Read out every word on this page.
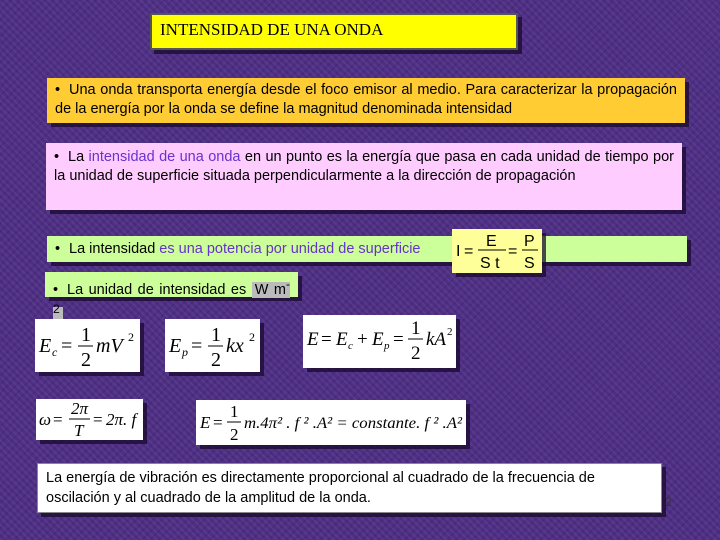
INTENSIDAD DE UNA ONDA
• Una onda transporta energía desde el foco emisor al medio. Para caracterizar la propagación de la energía por la onda se define la magnitud denominada intensidad
• La intensidad de una onda en un punto es la energía que pasa en cada unidad de tiempo por la unidad de superficie situada perpendicularmente a la dirección de propagación
• La intensidad es una potencia por unidad de superficie
• La unidad de intensidad es W $m^{-2}$
I =
E
S t
=
P
S
E c = 1
2
mV 2 E p = 1
2
kx 2	E = E c + E p =
1
2
kA 2
ω =
2π
T
= 2π. f	E =
1
2
m.4π² . f ² .A² = constante. f ² .A²
La energía de vibración es directamente proporcional al cuadrado de la frecuencia de oscilación y al cuadrado de la amplitud de la onda.	2
